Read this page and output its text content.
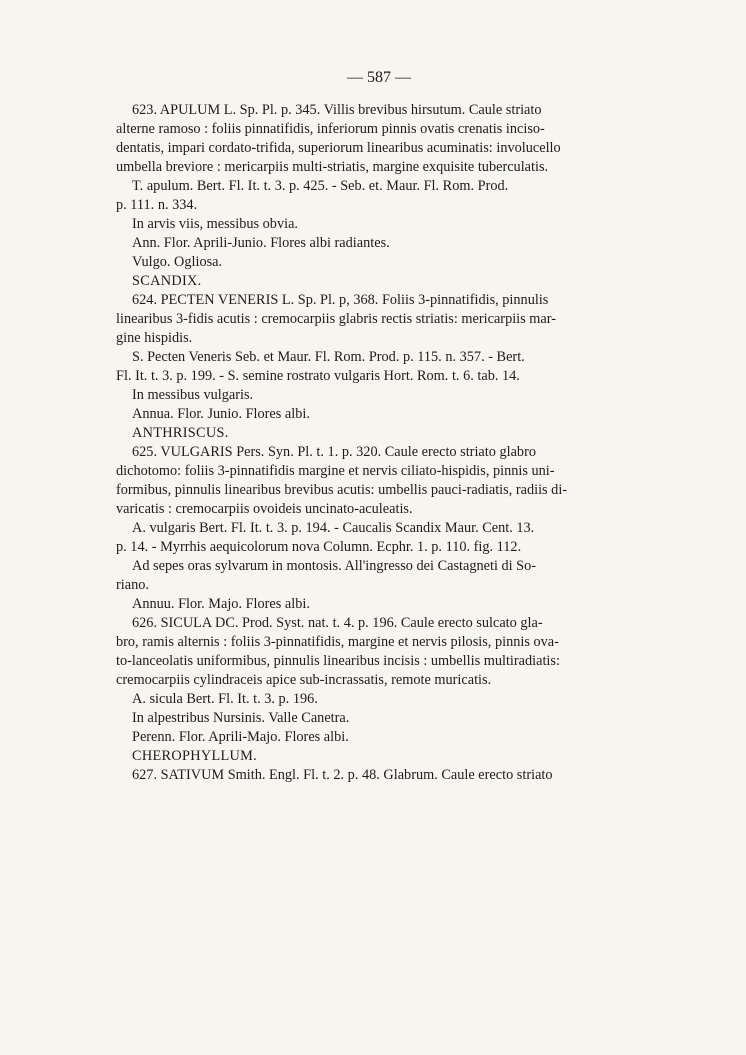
— 587 —
623. APULUM L. Sp. Pl. p. 345. Villis brevibus hirsutum. Caule striato
alterne ramoso : foliis pinnatifidis, inferiorum pinnis ovatis crenatis inciso-
dentatis, impari cordato-trifida, superiorum linearibus acuminatis: involucello
umbella breviore : mericarpiis multi-striatis, margine exquisite tuberculatis.
T. apulum. Bert. Fl. It. t. 3. p. 425. - Seb. et. Maur. Fl. Rom. Prod.
p. 111. n. 334.
In arvis viis, messibus obvia.
Ann. Flor. Aprili-Junio. Flores albi radiantes.
Vulgo. Ogliosa.
SCANDIX.
624. PECTEN VENERIS L. Sp. Pl. p, 368. Foliis 3-pinnatifidis, pinnulis
linearibus 3-fidis acutis : cremocarpiis glabris rectis striatis: mericarpiis mar-
gine hispidis.
S. Pecten Veneris Seb. et Maur. Fl. Rom. Prod. p. 115. n. 357. - Bert.
Fl. It. t. 3. p. 199. - S. semine rostrato vulgaris Hort. Rom. t. 6. tab. 14.
In messibus vulgaris.
Annua. Flor. Junio. Flores albi.
ANTHRISCUS.
625. VULGARIS Pers. Syn. Pl. t. 1. p. 320. Caule erecto striato glabro
dichotomo: foliis 3-pinnatifidis margine et nervis ciliato-hispidis, pinnis uni-
formibus, pinnulis linearibus brevibus acutis: umbellis pauci-radiatis, radiis di-
varicatis : cremocarpiis ovoideis uncinato-aculeatis.
A. vulgaris Bert. Fl. It. t. 3. p. 194. - Caucalis Scandix Maur. Cent. 13.
p. 14. - Myrrhis aequicolorum nova Column. Ecphr. 1. p. 110. fig. 112.
Ad sepes oras sylvarum in montosis. All'ingresso dei Castagneti di So-
riano.
Annuu. Flor. Majo. Flores albi.
626. SICULA DC. Prod. Syst. nat. t. 4. p. 196. Caule erecto sulcato gla-
bro, ramis alternis : foliis 3-pinnatifidis, margine et nervis pilosis, pinnis ova-
to-lanceolatis uniformibus, pinnulis linearibus incisis : umbellis multiradiatis:
cremocarpiis cylindraceis apice sub-incrassatis, remote muricatis.
A. sicula Bert. Fl. It. t. 3. p. 196.
In alpestribus Nursinis. Valle Canetra.
Perenn. Flor. Aprili-Majo. Flores albi.
CHEROPHYLLUM.
627. SATIVUM Smith. Engl. Fl. t. 2. p. 48. Glabrum. Caule erecto striato
